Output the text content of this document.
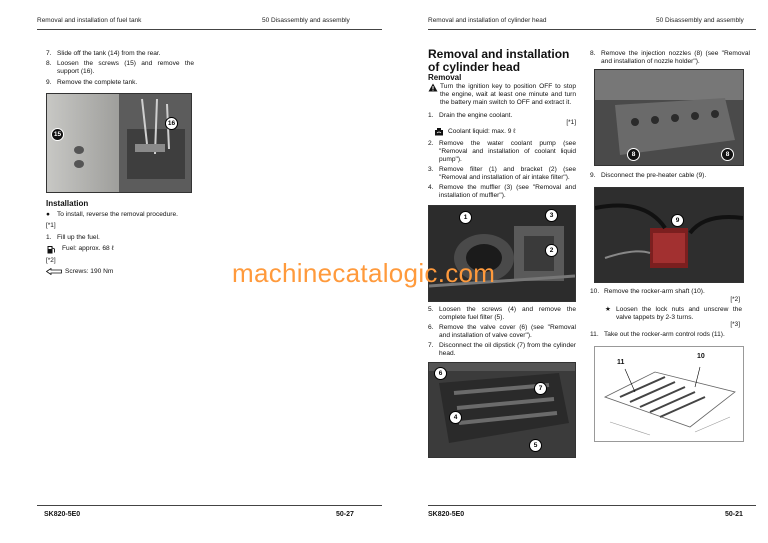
Removal and installation of fuel tank	50 Disassembly and assembly
7. Slide off the tank (14) from the rear.
8. Loosen the screws (15) and remove the support (16).
9. Remove the complete tank.
15
16
Installation
● To install, reverse the removal procedure.
[*1]
1. Fill up the fuel.
Fuel: approx. 68 ℓ
[*2]
Screws: 190 Nm
SK820-5E0	50-27
Removal and installation of cylinder head	50 Disassembly and assembly
Removal and installation of cylinder head
Removal
Turn the ignition key to position OFF to stop the engine, wait at least one minute and turn the battery main switch to OFF and extract it.
1. Drain the engine coolant.
[*1]
Coolant liquid: max. 9 ℓ
2. Remove the water coolant pump (see "Removal and installation of coolant liquid pump").
3. Remove filter (1) and bracket (2) (see "Removal and installation of air intake filter").
4. Remove the muffler (3) (see "Removal and installation of muffler").
1	3
2
5. Loosen the screws (4) and remove the complete fuel filter (5).
6. Remove the valve cover (6) (see "Removal and installation of valve cover").
7. Disconnect the oil dipstick (7) from the cylinder head.
6
7
4
5
8. Remove the injection nozzles (8) (see "Removal and installation of nozzle holder").
8	8
9. Disconnect the pre-heater cable (9).
9
10. Remove the rocker-arm shaft (10).
[*2]
★ Loosen the lock nuts and unscrew the valve tappets by 2-3 turns.
[*3]
11. Take out the rocker-arm control rods (11).
11
10
SK820-5E0	50-21
machinecatalogic.com
